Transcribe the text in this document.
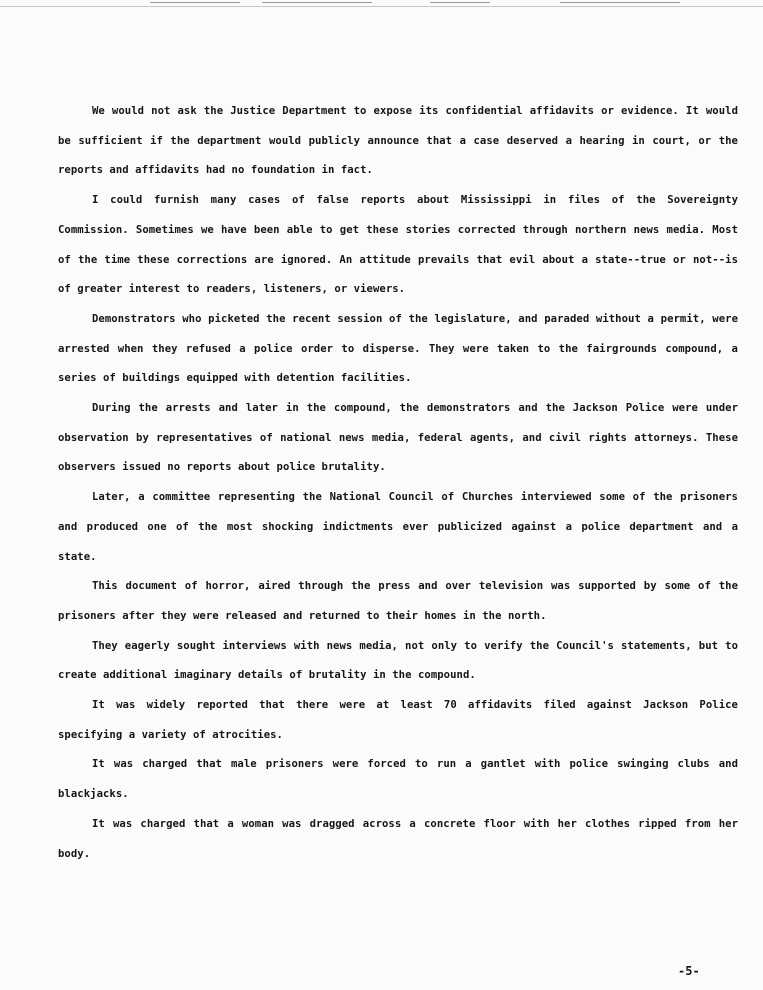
We would not ask the Justice Department to expose its confidential affidavits or evidence. It would be sufficient if the department would publicly announce that a case deserved a hearing in court, or the reports and affidavits had no foundation in fact.

I could furnish many cases of false reports about Mississippi in files of the Sovereignty Commission. Sometimes we have been able to get these stories corrected through northern news media. Most of the time these corrections are ignored. An attitude prevails that evil about a state--true or not--is of greater interest to readers, listeners, or viewers.

Demonstrators who picketed the recent session of the legislature, and paraded without a permit, were arrested when they refused a police order to disperse. They were taken to the fairgrounds compound, a series of buildings equipped with detention facilities.

During the arrests and later in the compound, the demonstrators and the Jackson Police were under observation by representatives of national news media, federal agents, and civil rights attorneys. These observers issued no reports about police brutality.

Later, a committee representing the National Council of Churches interviewed some of the prisoners and produced one of the most shocking indictments ever publicized against a police department and a state.

This document of horror, aired through the press and over television was supported by some of the prisoners after they were released and returned to their homes in the north.

They eagerly sought interviews with news media, not only to verify the Council's statements, but to create additional imaginary details of brutality in the compound.

It was widely reported that there were at least 70 affidavits filed against Jackson Police specifying a variety of atrocities.

It was charged that male prisoners were forced to run a gantlet with police swinging clubs and blackjacks.

It was charged that a woman was dragged across a concrete floor with her clothes ripped from her body.

-5-
